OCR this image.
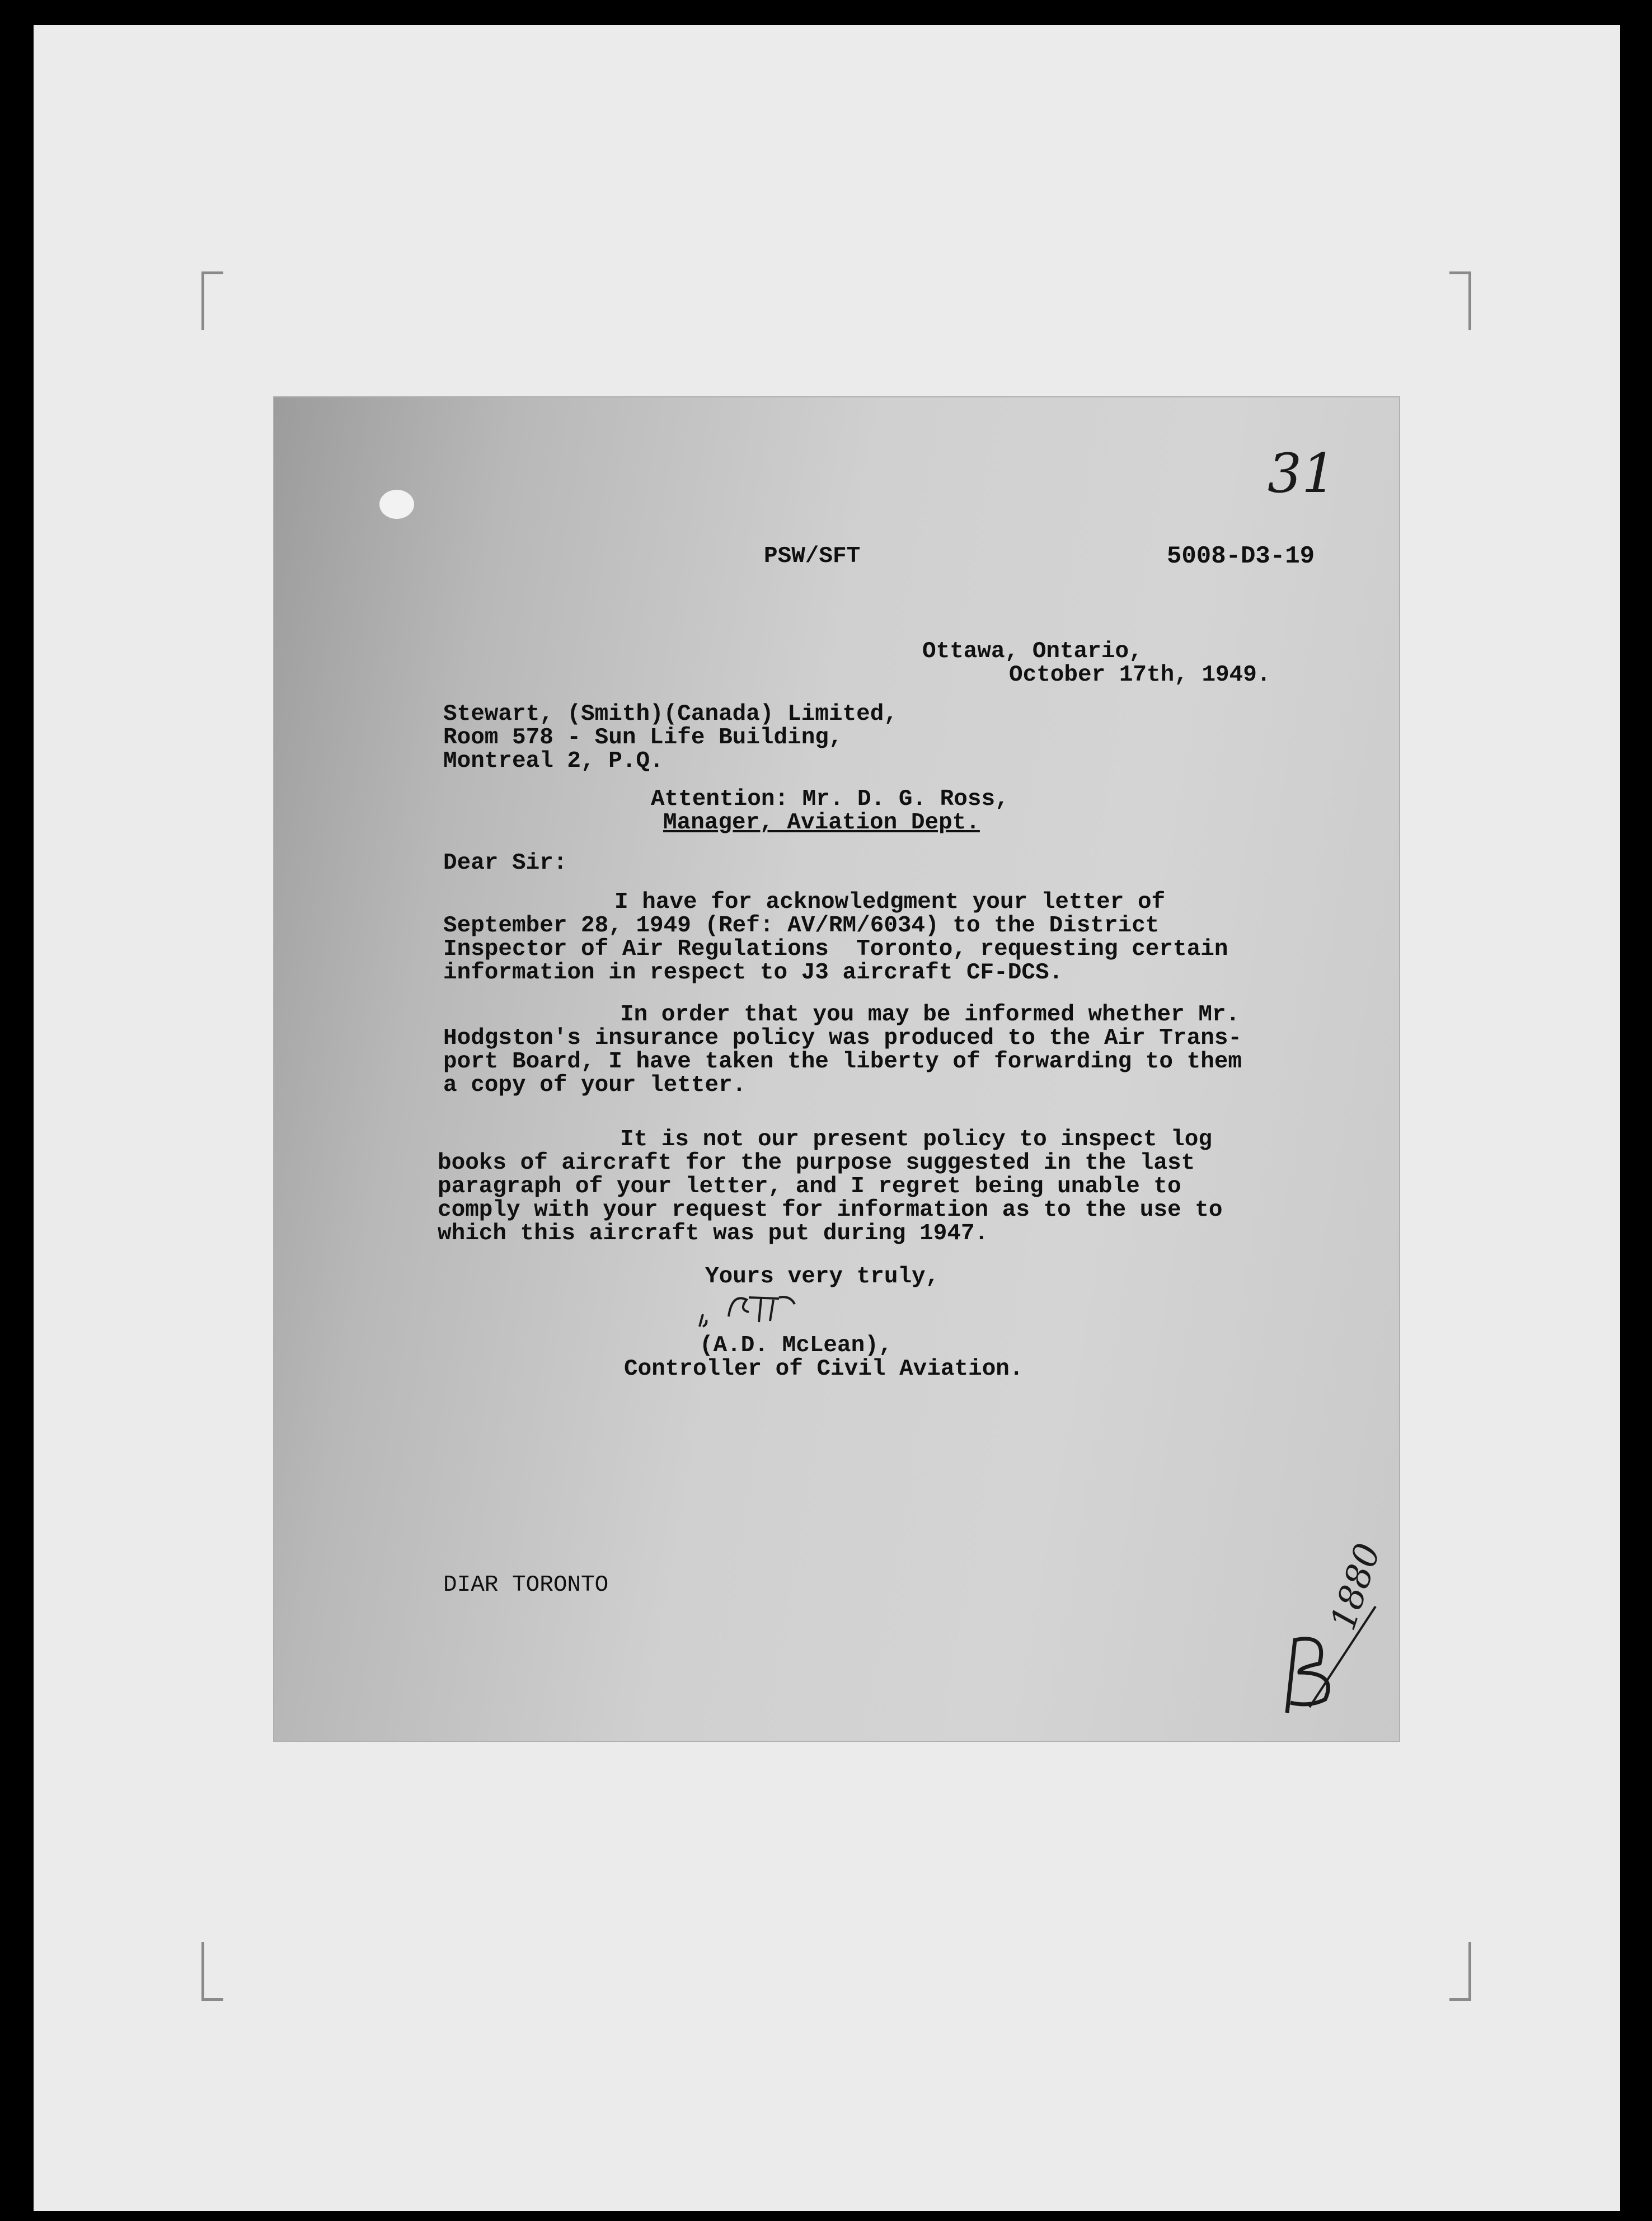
31
PSW/SFT	5008-D3-19
Ottawa, Ontario,
October 17th, 1949.
Stewart, (Smith)(Canada) Limited,
Room 578 - Sun Life Building,
Montreal 2, P.Q.
Attention: Mr. D. G. Ross,
Manager, Aviation Dept.
Dear Sir:
I have for acknowledgment your letter of
September 28, 1949 (Ref: AV/RM/6034) to the District
Inspector of Air Regulations  Toronto, requesting certain
information in respect to J3 aircraft CF-DCS.
In order that you may be informed whether Mr.
Hodgston's insurance policy was produced to the Air Trans-
port Board, I have taken the liberty of forwarding to them
a copy of your letter.
It is not our present policy to inspect log
books of aircraft for the purpose suggested in the last
paragraph of your letter, and I regret being unable to
comply with your request for information as to the use to
which this aircraft was put during 1947.
Yours very truly,
(A.D. McLean),
Controller of Civil Aviation.
DIAR TORONTO	1880
